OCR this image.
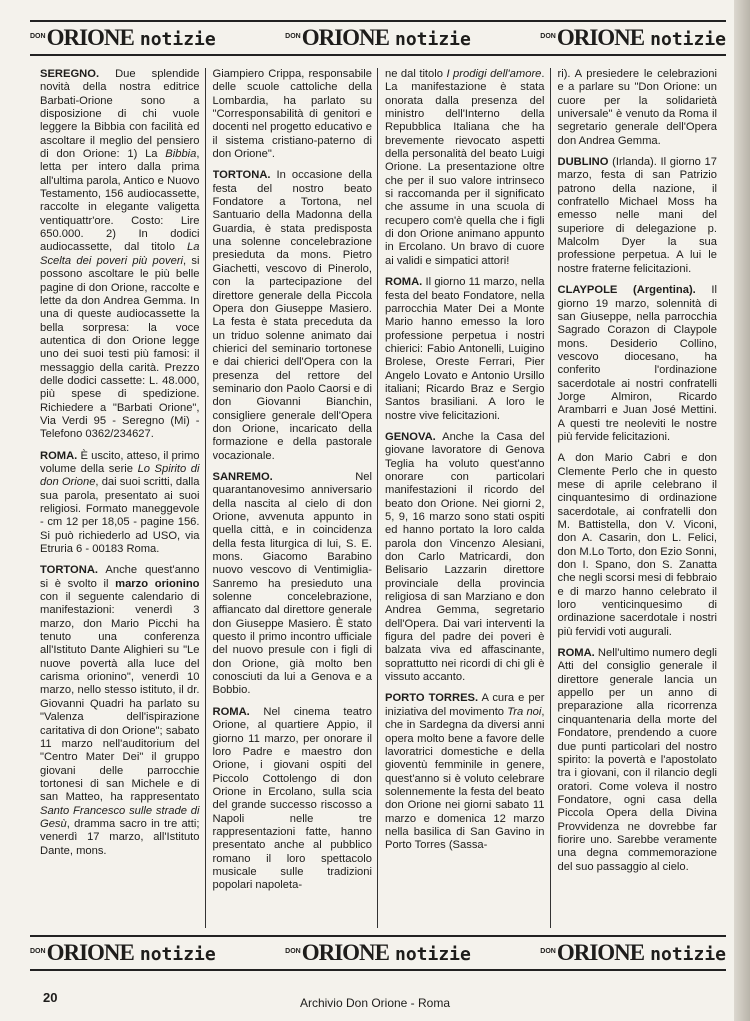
DON ORIONE notizie	DON ORIONE notizie	DON ORIONE notizie

SEREGNO. Due splendide novità della nostra editrice Barbati-Orione sono a disposizione di chi vuole leggere la Bibbia con facilità ed ascoltare il meglio del pensiero di don Orione: 1) La Bibbia, letta per intero dalla prima all'ultima parola, Antico e Nuovo Testamento, 156 audiocassette, raccolte in elegante valigetta ventiquattr'ore. Costo: Lire 650.000. 2) In dodici audiocassette, dal titolo La Scelta dei poveri più poveri, si possono ascoltare le più belle pagine di don Orione, raccolte e lette da don Andrea Gemma. In una di queste audiocassette la bella sorpresa: la voce autentica di don Orione legge uno dei suoi testi più famosi: il messaggio della carità. Prezzo delle dodici cassette: L. 48.000, più spese di spedizione. Richiedere a "Barbati Orione", Via Verdi 95 - Seregno (Mi) - Telefono 0362/234627.

ROMA. È uscito, atteso, il primo volume della serie Lo Spirito di don Orione, dai suoi scritti, dalla sua parola, presentato ai suoi religiosi. Formato maneggevole - cm 12 per 18,05 - pagine 156. Si può richiederlo ad USO, via Etruria 6 - 00183 Roma.

TORTONA. Anche quest'anno si è svolto il marzo orionino con il seguente calendario di manifestazioni: venerdì 3 marzo, don Mario Picchi ha tenuto una conferenza all'Istituto Dante Alighieri su "Le nuove povertà alla luce del carisma orionino", venerdì 10 marzo, nello stesso istituto, il dr. Giovanni Quadri ha parlato su "Valenza dell'ispirazione caritativa di don Orione"; sabato 11 marzo nell'auditorium del "Centro Mater Dei" il gruppo giovani delle parrocchie tortonesi di san Michele e di san Matteo, ha rappresentato Santo Francesco sulle strade di Gesù, dramma sacro in tre atti; venerdì 17 marzo, all'Istituto Dante, mons.

Giampiero Crippa, responsabile delle scuole cattoliche della Lombardia, ha parlato su "Corresponsabilità di genitori e docenti nel progetto educativo e il sistema cristiano-paterno di don Orione".

TORTONA. In occasione della festa del nostro beato Fondatore a Tortona, nel Santuario della Madonna della Guardia, è stata predisposta una solenne concelebrazione presieduta da mons. Pietro Giachetti, vescovo di Pinerolo, con la partecipazione del direttore generale della Piccola Opera don Giuseppe Masiero. La festa è stata preceduta da un triduo solenne animato dai chierici del seminario tortonese e dai chierici dell'Opera con la presenza del rettore del seminario don Paolo Caorsi e di don Giovanni Bianchin, consigliere generale dell'Opera don Orione, incaricato della formazione e della pastorale vocazionale.

SANREMO. Nel quarantanovesimo anniversario della nascita al cielo di don Orione, avvenuta appunto in quella città, e in coincidenza della festa liturgica di lui, S. E. mons. Giacomo Barabino nuovo vescovo di Ventimiglia-Sanremo ha presieduto una solenne concelebrazione, affiancato dal direttore generale don Giuseppe Masiero. È stato questo il primo incontro ufficiale del nuovo presule con i figli di don Orione, già molto ben conosciuti da lui a Genova e a Bobbio.

ROMA. Nel cinema teatro Orione, al quartiere Appio, il giorno 11 marzo, per onorare il loro Padre e maestro don Orione, i giovani ospiti del Piccolo Cottolengo di don Orione in Ercolano, sulla scia del grande successo riscosso a Napoli nelle tre rappresentazioni fatte, hanno presentato anche al pubblico romano il loro spettacolo musicale sulle tradizioni popolari napoleta-

ne dal titolo I prodigi dell'amore. La manifestazione è stata onorata dalla presenza del ministro dell'Interno della Repubblica Italiana che ha brevemente rievocato aspetti della personalità del beato Luigi Orione. La presentazione oltre che per il suo valore intrinseco si raccomanda per il significato che assume in una scuola di recupero com'è quella che i figli di don Orione animano appunto in Ercolano. Un bravo di cuore ai validi e simpatici attori!

ROMA. Il giorno 11 marzo, nella festa del beato Fondatore, nella parrocchia Mater Dei a Monte Mario hanno emesso la loro professione perpetua i nostri chierici: Fabio Antonelli, Luigino Brolese, Oreste Ferrari, Pier Angelo Lovato e Antonio Ursillo italiani; Ricardo Braz e Sergio Santos brasiliani. A loro le nostre vive felicitazioni.

GENOVA. Anche la Casa del giovane lavoratore di Genova Teglia ha voluto quest'anno onorare con particolari manifestazioni il ricordo del beato don Orione. Nei giorni 2, 5, 9, 16 marzo sono stati ospiti ed hanno portato la loro calda parola don Vincenzo Alesiani, don Carlo Matricardi, don Belisario Lazzarin direttore provinciale della provincia religiosa di san Marziano e don Andrea Gemma, segretario dell'Opera. Dai vari interventi la figura del padre dei poveri è balzata viva ed affascinante, soprattutto nei ricordi di chi gli è vissuto accanto.

PORTO TORRES. A cura e per iniziativa del movimento Tra noi, che in Sardegna da diversi anni opera molto bene a favore delle lavoratrici domestiche e della gioventù femminile in genere, quest'anno si è voluto celebrare solennemente la festa del beato don Orione nei giorni sabato 11 marzo e domenica 12 marzo nella basilica di San Gavino in Porto Torres (Sassa-

ri). A presiedere le celebrazioni e a parlare su "Don Orione: un cuore per la solidarietà universale" è venuto da Roma il segretario generale dell'Opera don Andrea Gemma.

DUBLINO (Irlanda). Il giorno 17 marzo, festa di san Patrizio patrono della nazione, il confratello Michael Moss ha emesso nelle mani del superiore di delegazione p. Malcolm Dyer la sua professione perpetua. A lui le nostre fraterne felicitazioni.

CLAYPOLE (Argentina). Il giorno 19 marzo, solennità di san Giuseppe, nella parrocchia Sagrado Corazon di Claypole mons. Desiderio Collino, vescovo diocesano, ha conferito l'ordinazione sacerdotale ai nostri confratelli Jorge Almiron, Ricardo Arambarri e Juan José Mettini. A questi tre neoleviti le nostre più fervide felicitazioni.

A don Mario Cabri e don Clemente Perlo che in questo mese di aprile celebrano il cinquantesimo di ordinazione sacerdotale, ai confratelli don M. Battistella, don V. Viconi, don A. Casarin, don L. Felici, don M.Lo Torto, don Ezio Sonni, don I. Spano, don S. Zanatta che negli scorsi mesi di febbraio e di marzo hanno celebrato il loro venticinquesimo di ordinazione sacerdotale i nostri più fervidi voti augurali.

ROMA. Nell'ultimo numero degli Atti del consiglio generale il direttore generale lancia un appello per un anno di preparazione alla ricorrenza cinquantenaria della morte del Fondatore, prendendo a cuore due punti particolari del nostro spirito: la povertà e l'apostolato tra i giovani, con il rilancio degli oratori. Come voleva il nostro Fondatore, ogni casa della Piccola Opera della Divina Provvidenza ne dovrebbe far fiorire uno. Sarebbe veramente una degna commemorazione del suo passaggio al cielo.

DON ORIONE notizie	DON ORIONE notizie	DON ORIONE notizie
20	Archivio Don Orione - Roma
